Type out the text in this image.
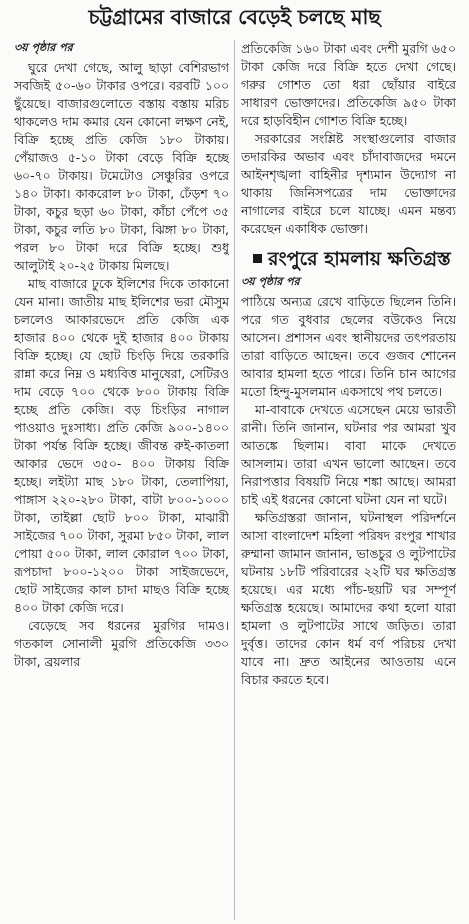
চট্টগ্রামের বাজারে বেড়েই চলছে মাছ
৩য় পৃষ্ঠার পর

ঘুরে দেখা গেছে, আলু ছাড়া বেশিরভাগ সবজিই ৫০-৬০ টাকার ওপরে। বরবটি ১০০ ছুঁয়েছে। বাজারগুলোতে বস্তায় বস্তায় মরিচ থাকলেও দাম কমার যেন কোনো লক্ষণ নেই, বিক্রি হচ্ছে প্রতি কেজি ১৮০ টাকায়। পেঁয়াজও ৫-১০ টাকা বেড়ে বিক্রি হচ্ছে ৬০-৭০ টাকায়। টমেটোও সেঞ্চুরির ওপরে ১৪০ টাকা। কাকরোল ৮০ টাকা, ঢেঁড়শ ৭০ টাকা, কচুর ছড়া ৬০ টাকা, কাঁচা পেঁপে ৩৫ টাকা, কচুর লতি ৮০ টাকা, ঝিঙ্গা ৮০ টাকা, পরল ৮০ টাকা দরে বিক্রি হচ্ছে। শুধু আলুটাই ২০-২৫ টাকায় মিলছে।

মাছ বাজারে ঢুকে ইলিশের দিকে তাকানো যেন মানা। জাতীয় মাছ ইলিশের ভরা মৌসুম চললেও আকারভেদে প্রতি কেজি এক হাজার ৪০০ থেকে দুই হাজার ৪০০ টাকায় বিক্রি হচ্ছে। যে ছোট চিংড়ি দিয়ে তরকারি রান্না করে নিম্ন ও মধ্যবিত্ত মানুষেরা, সেটিরও দাম বেড়ে ৭০০ থেকে ৮০০ টাকায় বিক্রি হচ্ছে প্রতি কেজি। বড় চিংড়ির নাগাল পাওয়াও দুঃসাধ্য। প্রতি কেজি ৯০০-১৪০০ টাকা পর্যন্ত বিক্রি হচ্ছে। জীবন্ত রুই-কাতলা আকার ভেদে ৩৫০- ৪০০ টাকায় বিক্রি হচ্ছে। লইট্যা মাছ ১৮০ টাকা, তেলাপিয়া, পাঙ্গাস ২২০-২৮০ টাকা, বাটা ৮০০-১০০০ টাকা, তাইল্লা ছোট ৮০০ টাকা, মাঝারী সাইজের ৭০০ টাকা, সুরমা ৮৫০ টাকা, লাল পোয়া ৫০০ টাকা, লাল কোরাল ৭০০ টাকা, রূপচাদা ৮০০-১২০০ টাকা সাইজভেদে, ছোট সাইজের কাল চাদা মাছও বিক্রি হচ্ছে ৪০০ টাকা কেজি দরে।

বেড়েছে সব ধরনের মুরগির দামও। গতকাল সোনালী মুরগি প্রতিকেজি ৩৩০ টাকা, ব্রয়লার

প্রতিকেজি ১৬০ টাকা এবং দেশী মুরগি ৬৫০ টাকা কেজি দরে বিক্রি হতে দেখা গেছে। গরুর গোশত তো ধরা ছোঁয়ার বাইরে সাধারণ ভোক্তাদের। প্রতিকেজি ৯৫০ টাকা দরে হাড়বিহীন গোশত বিক্রি হচ্ছে।

সরকারের সংশ্লিষ্ট সংস্থাগুলোর বাজার তদারকির অভাব এবং চাঁদাবাজদের দমনে আইনশৃঙ্খলা বাহিনীর দৃশ্যমান উদ্যোগ না থাকায় জিনিসপত্রের দাম ভোক্তাদের নাগালের বাইরে চলে যাচ্ছে। এমন মন্তব্য করেছেন একাধিক ভোক্তা।

রংপুরে হামলায় ক্ষতিগ্রস্ত
৩য় পৃষ্ঠার পর

পাঠিয়ে অন্যত্র রেখে বাড়িতে ছিলেন তিনি। পরে গত বুধবার ছেলের বউকেও নিয়ে আসেন। প্রশাসন এবং স্থানীয়দের তৎপরতায় তারা বাড়িতে আছেন। তবে গুজব শোনেন আবার হামলা হতে পারে। তিনি চান আগের মতো হিন্দু-মুসলমান একসাথে পথ চলতে।

মা-বাবাকে দেখতে এসেছেন মেয়ে ভারতী রানী। তিনি জানান, ঘটনার পর আমরা খুব আতঙ্কে ছিলাম। বাবা মাকে দেখতে আসলাম। তারা এখন ভালো আছেন। তবে নিরাপত্তার বিষয়টি নিয়ে শঙ্কা আছে। আমরা চাই এই ধরনের কোনো ঘটনা যেন না ঘটে।

ক্ষতিগ্রস্তরা জানান, ঘটনাস্থল পরিদর্শনে আসা বাংলাদেশ মহিলা পরিষদ রংপুর শাখার রুম্মানা জামান জানান, ভাঙচুর ও লুটপাটের ঘটনায় ১৮টি পরিবারের ২২টি ঘর ক্ষতিগ্রস্ত হয়েছে। এর মধ্যে পাঁচ-ছয়টি ঘর সম্পূর্ণ ক্ষতিগ্রস্ত হয়েছে। আমাদের কথা হলো যারা হামলা ও লুটপাটের সাথে জড়িত। তারা দুর্বৃত্ত। তাদের কোন ধর্ম বর্ণ পরিচয় দেখা যাবে না। দ্রুত আইনের আওতায় এনে বিচার করতে হবে।
